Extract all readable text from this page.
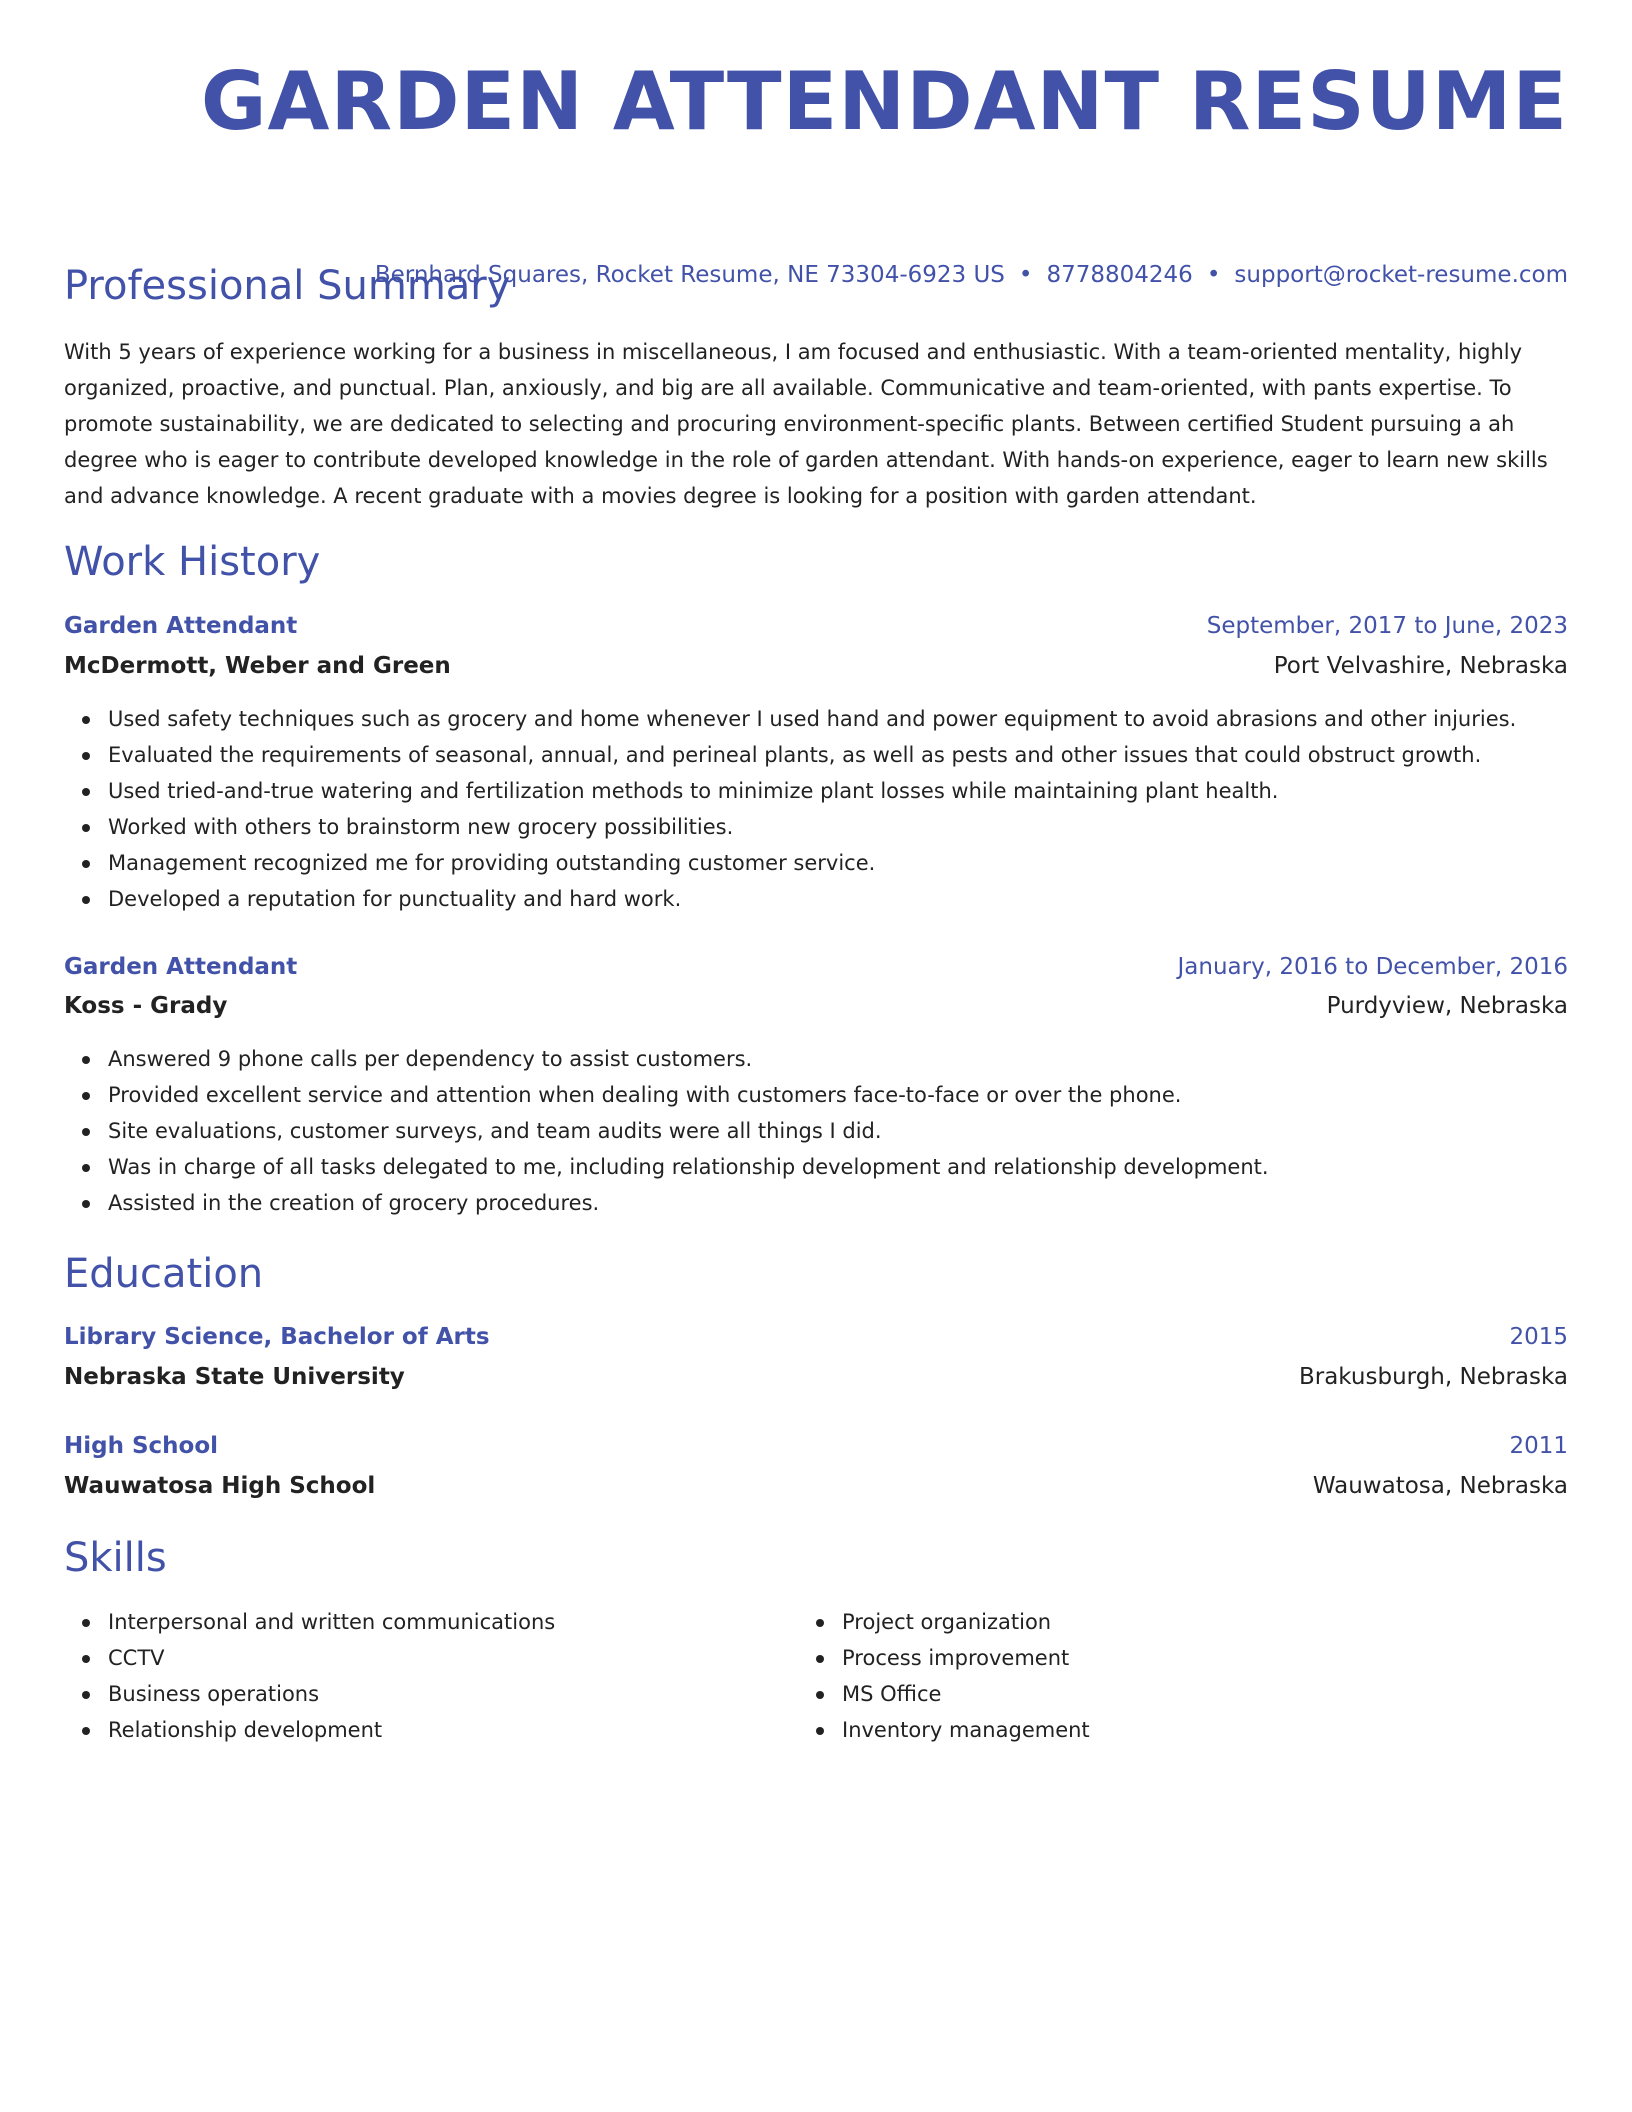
GARDEN ATTENDANT RESUME
Bernhard Squares, Rocket Resume, NE 73304-6923 US • 8778804246 • support@rocket-resume.com
Professional Summary

With 5 years of experience working for a business in miscellaneous, I am focused and enthusiastic. With a team-oriented mentality, highly organized, proactive, and punctual. Plan, anxiously, and big are all available. Communicative and team-oriented, with pants expertise. To promote sustainability, we are dedicated to selecting and procuring environment-specific plants. Between certified Student pursuing a ah degree who is eager to contribute developed knowledge in the role of garden attendant. With hands-on experience, eager to learn new skills and advance knowledge. A recent graduate with a movies degree is looking for a position with garden attendant.

Work History
Garden Attendant	September, 2017 to June, 2023
McDermott, Weber and Green	Port Velvashire, Nebraska
Used safety techniques such as grocery and home whenever I used hand and power equipment to avoid abrasions and other injuries.
Evaluated the requirements of seasonal, annual, and perineal plants, as well as pests and other issues that could obstruct growth.
Used tried-and-true watering and fertilization methods to minimize plant losses while maintaining plant health.
Worked with others to brainstorm new grocery possibilities.
Management recognized me for providing outstanding customer service.
Developed a reputation for punctuality and hard work.
Garden Attendant	January, 2016 to December, 2016
Koss - Grady	Purdyview, Nebraska
Answered 9 phone calls per dependency to assist customers.
Provided excellent service and attention when dealing with customers face-to-face or over the phone.
Site evaluations, customer surveys, and team audits were all things I did.
Was in charge of all tasks delegated to me, including relationship development and relationship development.
Assisted in the creation of grocery procedures.
Education
Library Science, Bachelor of Arts	2015
Nebraska State University	Brakusburgh, Nebraska
High School	2011
Wauwatosa High School	Wauwatosa, Nebraska
Skills
Interpersonal and written communications
CCTV
Business operations
Relationship development
Project organization
Process improvement
MS Office
Inventory management
